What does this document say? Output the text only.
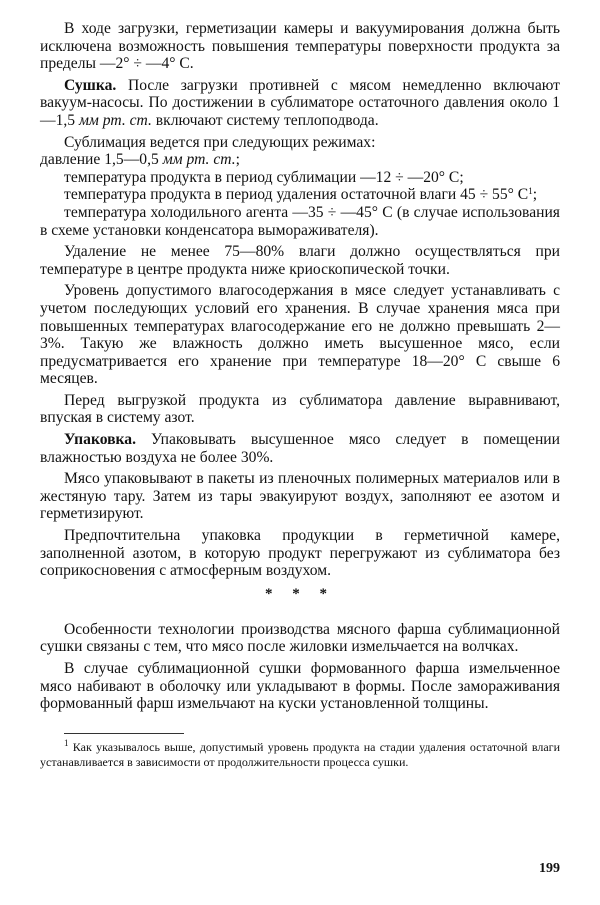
В ходе загрузки, герметизации камеры и вакуумирования должна быть исключена возможность повышения температуры поверхности продукта за пределы —2° ÷ —4° С.

Сушка. После загрузки противней с мясом немедленно включают вакуум-насосы. По достижении в сублиматоре остаточного давления около 1—1,5 мм рт. ст. включают систему теплоподвода.

Сублимация ведется при следующих режимах:

давление 1,5—0,5 мм рт. ст.;

температура продукта в период сублимации —12 ÷ —20° С;

температура продукта в период удаления остаточной влаги 45 ÷ 55° $С^1$;

температура холодильного агента —35 ÷ —45° С (в случае использования в схеме установки конденсатора вымораживателя).

Удаление не менее 75—80% влаги должно осуществляться при температуре в центре продукта ниже криоскопической точки.

Уровень допустимого влагосодержания в мясе следует устанавливать с учетом последующих условий его хранения. В случае хранения мяса при повышенных температурах влагосодержание его не должно превышать 2—3%. Такую же влажность должно иметь высушенное мясо, если предусматривается его хранение при температуре 18—20° С свыше 6 месяцев.

Перед выгрузкой продукта из сублиматора давление выравнивают, впуская в систему азот.

Упаковка. Упаковывать высушенное мясо следует в помещении влажностью воздуха не более 30%.

Мясо упаковывают в пакеты из пленочных полимерных материалов или в жестяную тару. Затем из тары эвакуируют воздух, заполняют ее азотом и герметизируют.

Предпочтительна упаковка продукции в герметичной камере, заполненной азотом, в которую продукт перегружают из сублиматора без соприкосновения с атмосферным воздухом.

* * *

Особенности технологии производства мясного фарша сублимационной сушки связаны с тем, что мясо после жиловки измельчается на волчках.

В случае сублимационной сушки формованного фарша измельченное мясо набивают в оболочку или укладывают в формы. После замораживания формованный фарш измельчают на куски установленной толщины.

$^1$ Как указывалось выше, допустимый уровень продукта на стадии удаления остаточной влаги устанавливается в зависимости от продолжительности процесса сушки.

199
